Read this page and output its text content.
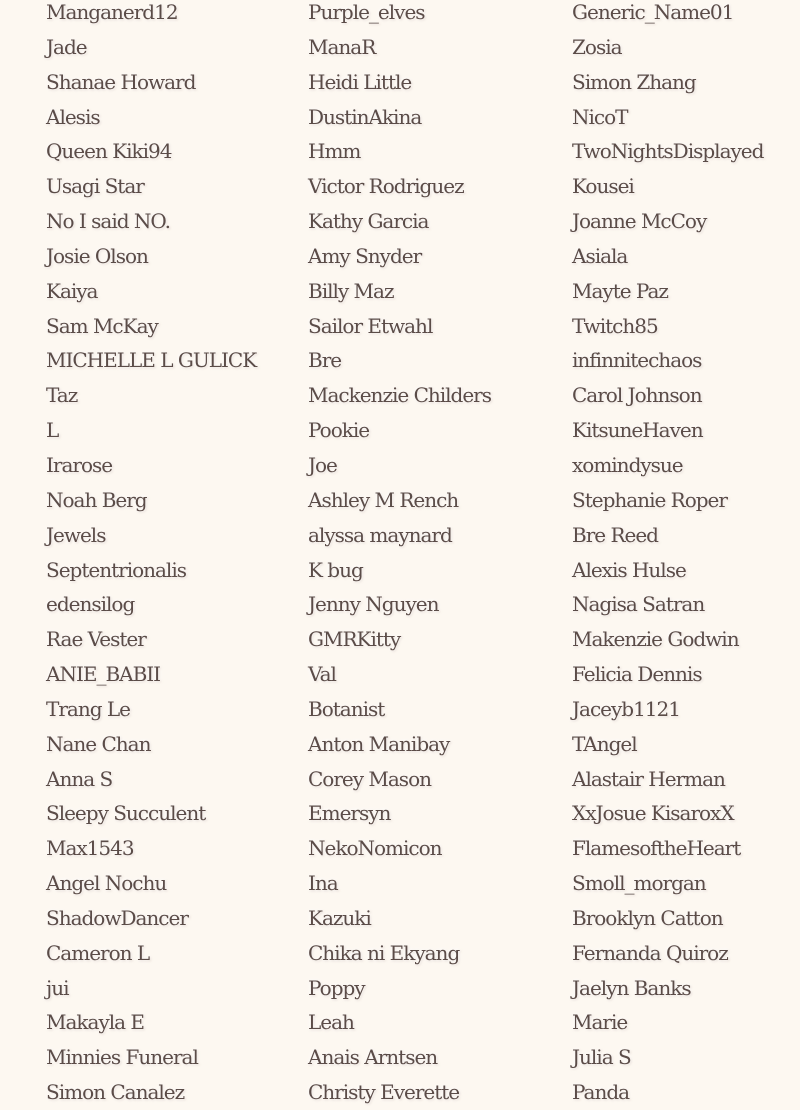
Manganerd12
Jade
Shanae Howard
Alesis
Queen Kiki94
Usagi Star
No I said NO.
Josie Olson
Kaiya
Sam McKay
MICHELLE L GULICK
Taz
L
Irarose
Noah Berg
Jewels
Septentrionalis
edensilog
Rae Vester
ANIE_BABII
Trang Le
Nane Chan
Anna S
Sleepy Succulent
Max1543
Angel Nochu
ShadowDancer
Cameron L
jui
Makayla E
Minnies Funeral
Simon Canalez
Purple_elves
ManaR
Heidi Little
DustinAkina
Hmm
Victor Rodriguez
Kathy Garcia
Amy Snyder
Billy Maz
Sailor Etwahl
Bre
Mackenzie Childers
Pookie
Joe
Ashley M Rench
alyssa maynard
K bug
Jenny Nguyen
GMRKitty
Val
Botanist
Anton Manibay
Corey Mason
Emersyn
NekoNomicon
Ina
Kazuki
Chika ni Ekyang
Poppy
Leah
Anais Arntsen
Christy Everette
Generic_Name01
Zosia
Simon Zhang
NicoT
TwoNightsDisplayed
Kousei
Joanne McCoy
Asiala
Mayte Paz
Twitch85
infinnitechaos
Carol Johnson
KitsuneHaven
xomindysue
Stephanie Roper
Bre Reed
Alexis Hulse
Nagisa Satran
Makenzie Godwin
Felicia Dennis
Jaceyb1121
TAngel
Alastair Herman
XxJosue KisaroxX
FlamesoftheHeart
Smoll_morgan
Brooklyn Catton
Fernanda Quiroz
Jaelyn Banks
Marie
Julia S
Panda
